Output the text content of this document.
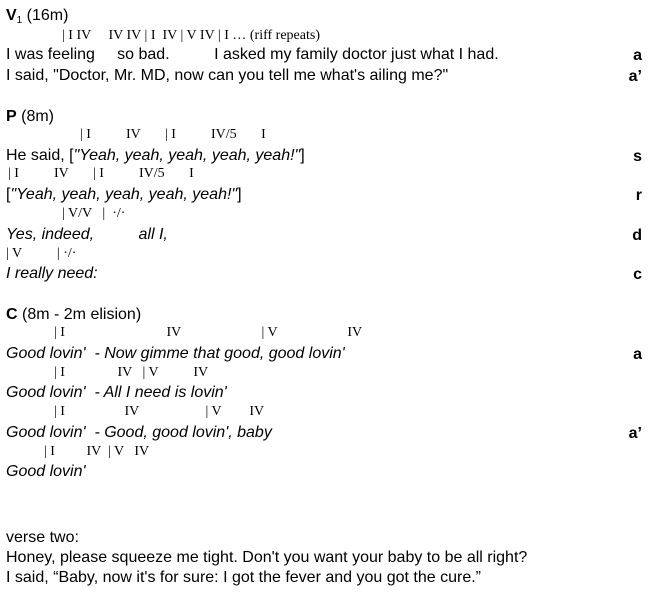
$V_1$ (16m)
| I IV     IV IV | I  IV | V IV | I … (riff repeats)
I was feeling     so bad.          I asked my family doctor just what I had.	a
I said, "Doctor, Mr. MD, now can you tell me what's ailing me?"	a’
P (8m)
| I          IV       | I          IV/5       I
He said, ["Yeah, yeah, yeah, yeah, yeah!"]	s
| I          IV       | I          IV/5       I
["Yeah, yeah, yeah, yeah, yeah!"]	r
| V/V   |  ·/·
Yes, indeed,          all I,	d
| V          | ·/·
I really need:	c
C (8m - 2m elision)
| I                             IV                       | V                    IV
Good lovin'  - Now gimme that good, good lovin'	a
| I               IV   | V          IV
Good lovin'  - All I need is lovin'
| I                 IV                   | V        IV
Good lovin'  - Good, good lovin', baby	a’
| I         IV  | V   IV
Good lovin'
verse two:
Honey, please squeeze me tight. Don't you want your baby to be all right?
I said, “Baby, now it's for sure: I got the fever and you got the cure.”
